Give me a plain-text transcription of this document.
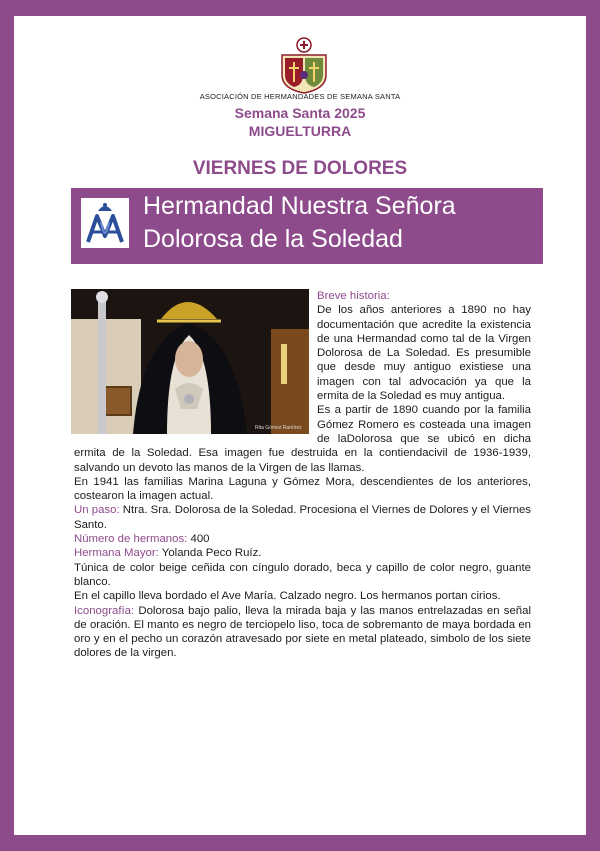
ASOCIACIÓN DE HERMANDADES DE SEMANA SANTA
Semana Santa 2025
MIGUELTURRA
VIERNES DE DOLORES
Hermandad Nuestra Señora
Dolorosa de la Soledad
Rita Gómez Ramírez
Breve historia:

De los años anteriores a 1890 no hay documentación que acredite la existencia de una Hermandad como tal de la Virgen Dolorosa de La Soledad. Es presumible que desde muy antiguo existiese una imagen con tal advocación ya que la ermita de la Soledad es muy antigua.

Es a partir de 1890 cuando por la familia Gómez Romero es costeada una imagen de laDolorosa que se ubicó en dicha ermita de la Soledad. Esa imagen fue destruida en la contiendacivil de 1936-1939, salvando un devoto las manos de la Virgen de las llamas.

En 1941 las familias Marina Laguna y Gómez Mora, descendientes de los anteriores, costearon la imagen actual.

Un paso: Ntra. Sra. Dolorosa de la Soledad. Procesiona el Viernes de Dolores y el Viernes Santo.

Número de hermanos: 400

Hermana Mayor: Yolanda Peco Ruíz.

Túnica de color beige ceñida con cíngulo dorado, beca y capillo de color negro, guante blanco.

En el capillo lleva bordado el Ave María. Calzado negro. Los hermanos portan cirios.

Iconografía: Dolorosa bajo palio, lleva la mirada baja y las manos entrelazadas en señal de oración. El manto es negro de terciopelo liso, toca de sobremanto de maya bordada en oro y en el pecho un corazón atravesado por siete en metal plateado, simbolo de los siete dolores de la virgen.
